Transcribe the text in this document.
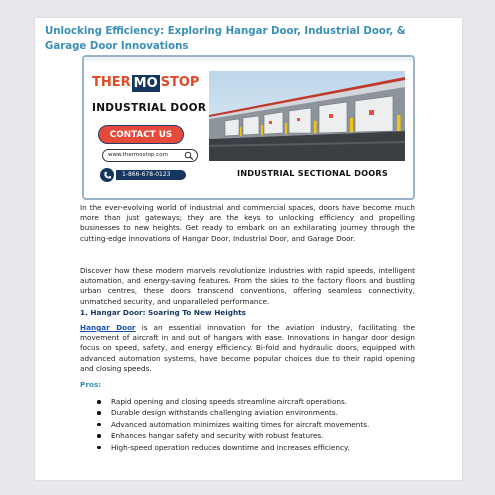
Unlocking Efficiency: Exploring Hangar Door, Industrial Door, & Garage Door Innovations
THER MO STOP
INDUSTRIAL DOOR
CONTACT US
www.thermostop.com
1-866-678-0123	INDUSTRIAL SECTIONAL DOORS
In the ever-evolving world of industrial and commercial spaces, doors have become much more than just gateways; they are the keys to unlocking efficiency and propelling businesses to new heights. Get ready to embark on an exhilarating journey through the cutting-edge innovations of Hangar Door, Industrial Door, and Garage Door.
Discover how these modern marvels revolutionize industries with rapid speeds, intelligent automation, and energy-saving features. From the skies to the factory floors and bustling urban centres, these doors transcend conventions, offering seamless connectivity, unmatched security, and unparalleled performance.
1. Hangar Door: Soaring To New Heights
Hangar Door is an essential innovation for the aviation industry, facilitating the movement of aircraft in and out of hangars with ease. Innovations in hangar door design focus on speed, safety, and energy efficiency. Bi-fold and hydraulic doors, equipped with advanced automation systems, have become popular choices due to their rapid opening and closing speeds.
Pros:
Rapid opening and closing speeds streamline aircraft operations.
Durable design withstands challenging aviation environments.
Advanced automation minimizes waiting times for aircraft movements.
Enhances hangar safety and security with robust features.
High-speed operation reduces downtime and increases efficiency.
